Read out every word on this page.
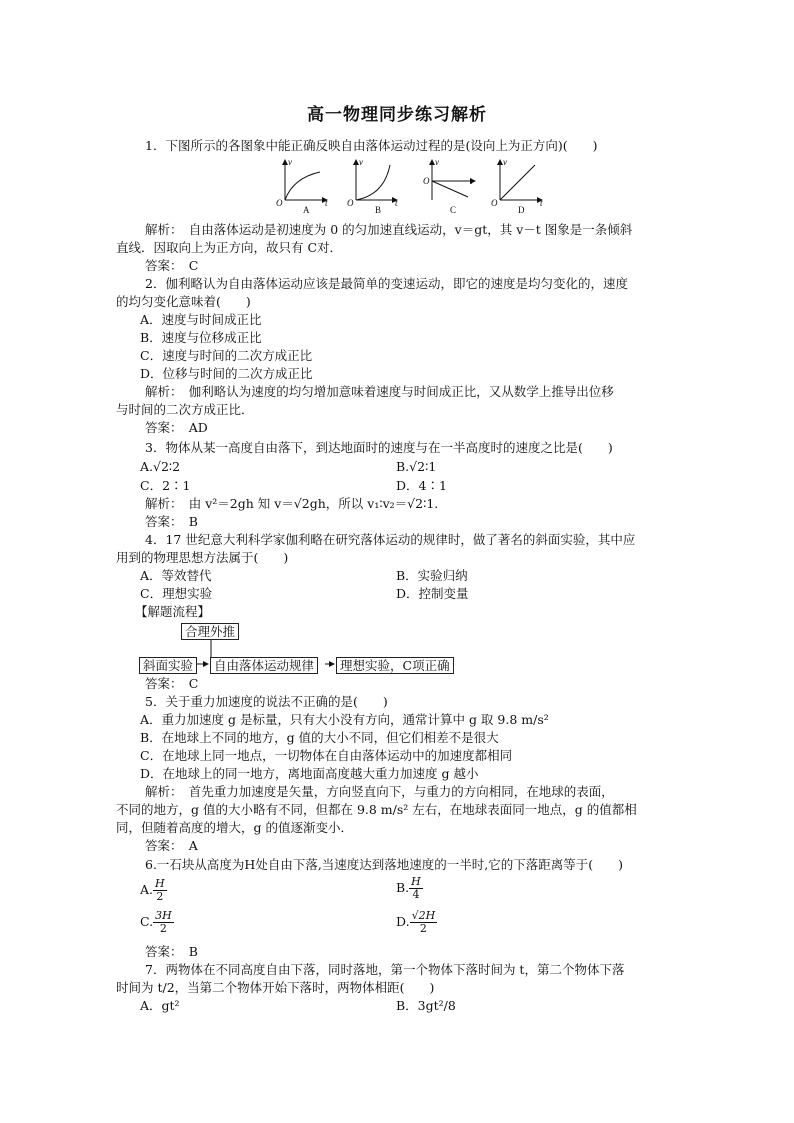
高一物理同步练习解析
1．下图所示的各图象中能正确反映自由落体运动过程的是(设向上为正方向)(　　)
v
t
O
A
v
t
O
B
v
t
O
C
v
t
O
D
解析：　自由落体运动是初速度为 0 的匀加速直线运动，v＝gt，其 v－t 图象是一条倾斜
直线．因取向上为正方向，故只有 C对．
答案：　C
2．伽利略认为自由落体运动应该是最简单的变速运动，即它的速度是均匀变化的，速度
的均匀变化意味着(　　)
A．速度与时间成正比
B．速度与位移成正比
C．速度与时间的二次方成正比
D．位移与时间的二次方成正比
解析：　伽利略认为速度的均匀增加意味着速度与时间成正比，又从数学上推导出位移
与时间的二次方成正比．
答案：　AD
3．物体从某一高度自由落下，到达地面时的速度与在一半高度时的速度之比是(　　)
A.√2∶2	B.√2∶1
C．2∶1	D．4∶1
解析：　由 v²＝2gh 知 v＝√2gh，所以 v₁∶v₂＝√2∶1.
答案：　B
4．17 世纪意大利科学家伽利略在研究落体运动的规律时，做了著名的斜面实验，其中应
用到的物理思想方法属于(　　)
A．等效替代	B．实验归纳
C．理想实验	D．控制变量
【解题流程】
合理外推
斜面实验	自由落体运动规律	理想实验，C项正确
答案：　C
5．关于重力加速度的说法不正确的是(　　)
A．重力加速度 g 是标量，只有大小没有方向，通常计算中 g 取 9.8 m/s²
B．在地球上不同的地方，g 值的大小不同，但它们相差不是很大
C．在地球上同一地点，一切物体在自由落体运动中的加速度都相同
D．在地球上的同一地方，离地面高度越大重力加速度 g 越小
解析：　首先重力加速度是矢量，方向竖直向下，与重力的方向相同，在地球的表面，
不同的地方，g 值的大小略有不同，但都在 9.8 m/s² 左右，在地球表面同一地点，g 的值都相
同，但随着高度的增大，g 的值逐渐变小．
答案：　A
6.一石块从高度为H处自由下落,当速度达到落地速度的一半时,它的下落距离等于(　　)
A. $\frac{H}{2}$	B. $\frac{H}{4}$
C. $\frac{3H}{2}$	D. $\frac{√2H}{2}$
答案：　B
7．两物体在不同高度自由下落，同时落地，第一个物体下落时间为 t，第二个物体下落
时间为 t/2，当第二个物体开始下落时，两物体相距(　　)
A．gt²	B．3gt²/8
